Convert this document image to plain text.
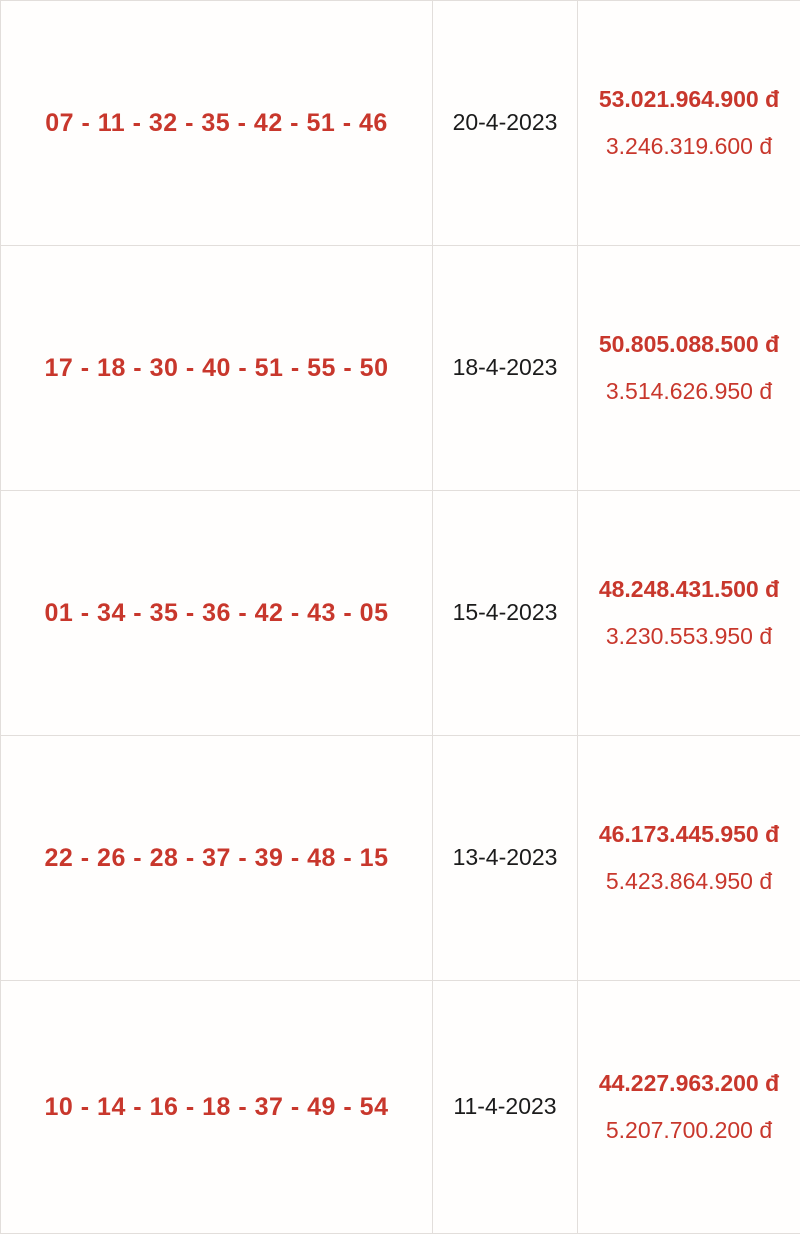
07 - 11 - 32 - 35 - 42 - 51 - 46	20-4-2023	53.021.964.900 đ
3.246.319.600 đ

17 - 18 - 30 - 40 - 51 - 55 - 50	18-4-2023	50.805.088.500 đ
3.514.626.950 đ

01 - 34 - 35 - 36 - 42 - 43 - 05	15-4-2023	48.248.431.500 đ
3.230.553.950 đ

22 - 26 - 28 - 37 - 39 - 48 - 15	13-4-2023	46.173.445.950 đ
5.423.864.950 đ

10 - 14 - 16 - 18 - 37 - 49 - 54	11-4-2023	44.227.963.200 đ
5.207.700.200 đ
